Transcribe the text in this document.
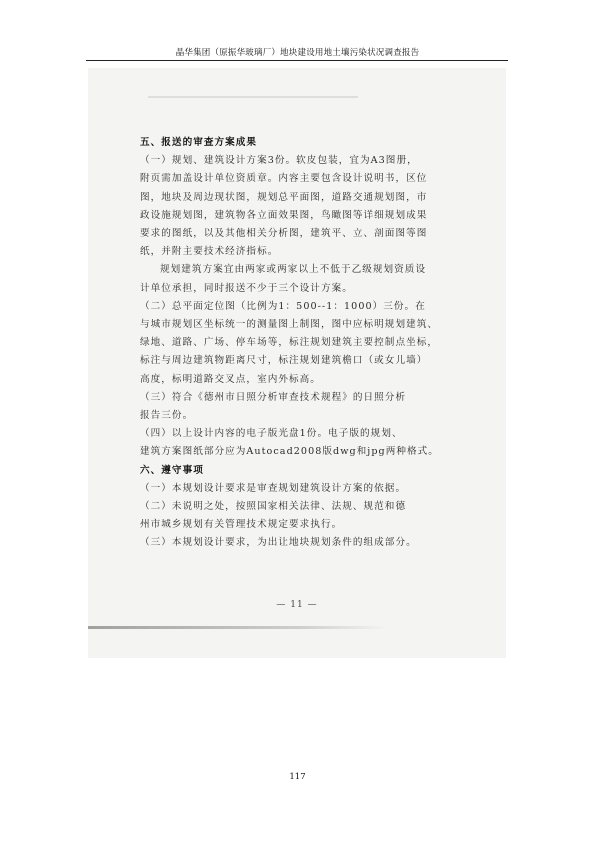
晶华集团（原振华玻璃厂）地块建设用地土壤污染状况调查报告
五、报送的审查方案成果
（一）规划、建筑设计方案3份。软皮包装，宜为A3图册，
附页需加盖设计单位资质章。内容主要包含设计说明书，区位
图，地块及周边现状图，规划总平面图，道路交通规划图，市
政设施规划图，建筑物各立面效果图，鸟瞰图等详细规划成果
要求的图纸，以及其他相关分析图，建筑平、立、剖面图等图
纸，并附主要技术经济指标。
规划建筑方案宜由两家或两家以上不低于乙级规划资质设
计单位承担，同时报送不少于三个设计方案。
（二）总平面定位图（比例为1：500--1：1000）三份。在
与城市规划区坐标统一的测量图上制图，图中应标明规划建筑、
绿地、道路、广场、停车场等，标注规划建筑主要控制点坐标，
标注与周边建筑物距离尺寸，标注规划建筑檐口（或女儿墙）
高度，标明道路交叉点，室内外标高。
（三）符合《德州市日照分析审查技术规程》的日照分析
报告三份。
（四）以上设计内容的电子版光盘1份。电子版的规划、
建筑方案图纸部分应为Autocad2008版dwg和jpg两种格式。
六、遵守事项
（一）本规划设计要求是审查规划建筑设计方案的依据。
（二）未说明之处，按照国家相关法律、法规、规范和德
州市城乡规划有关管理技术规定要求执行。
（三）本规划设计要求，为出让地块规划条件的组成部分。
— 11 —
117
